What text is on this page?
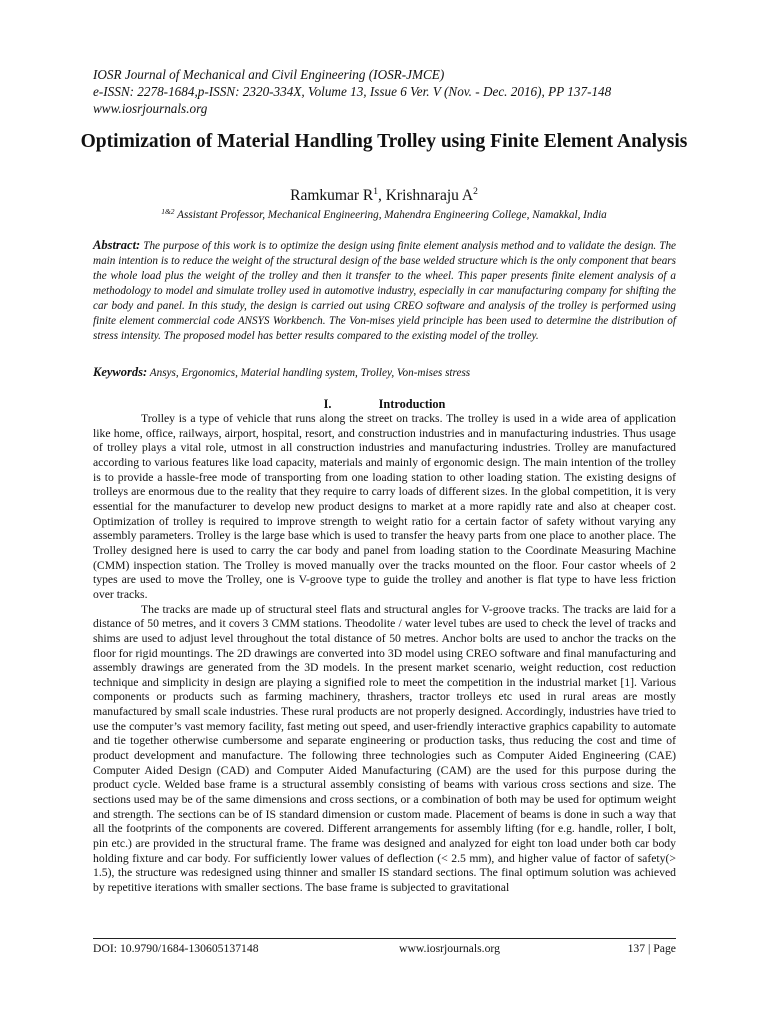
IOSR Journal of Mechanical and Civil Engineering (IOSR-JMCE)
e-ISSN: 2278-1684,p-ISSN: 2320-334X, Volume 13, Issue 6 Ver. V (Nov. - Dec. 2016), PP 137-148
www.iosrjournals.org
Optimization of Material Handling Trolley using Finite Element Analysis
Ramkumar $R^1$, Krishnaraju $A^2$
$^{1\&2}$ Assistant Professor, Mechanical Engineering, Mahendra Engineering College, Namakkal, India
Abstract: The purpose of this work is to optimize the design using finite element analysis method and to validate the design. The main intention is to reduce the weight of the structural design of the base welded structure which is the only component that bears the whole load plus the weight of the trolley and then it transfer to the wheel. This paper presents finite element analysis of a methodology to model and simulate trolley used in automotive industry, especially in car manufacturing company for shifting the car body and panel. In this study, the design is carried out using CREO software and analysis of the trolley is performed using finite element commercial code ANSYS Workbench. The Von-mises yield principle has been used to determine the distribution of stress intensity. The proposed model has better results compared to the existing model of the trolley.
Keywords: Ansys, Ergonomics, Material handling system, Trolley, Von-mises stress
I.	Introduction

Trolley is a type of vehicle that runs along the street on tracks. The trolley is used in a wide area of application like home, office, railways, airport, hospital, resort, and construction industries and in manufacturing industries. Thus usage of trolley plays a vital role, utmost in all construction industries and manufacturing industries. Trolley are manufactured according to various features like load capacity, materials and mainly of ergonomic design. The main intention of the trolley is to provide a hassle-free mode of transporting from one loading station to other loading station. The existing designs of trolleys are enormous due to the reality that they require to carry loads of different sizes. In the global competition, it is very essential for the manufacturer to develop new product designs to market at a more rapidly rate and also at cheaper cost. Optimization of trolley is required to improve strength to weight ratio for a certain factor of safety without varying any assembly parameters. Trolley is the large base which is used to transfer the heavy parts from one place to another place. The Trolley designed here is used to carry the car body and panel from loading station to the Coordinate Measuring Machine (CMM) inspection station. The Trolley is moved manually over the tracks mounted on the floor. Four castor wheels of 2 types are used to move the Trolley, one is V-groove type to guide the trolley and another is flat type to have less friction over tracks.

The tracks are made up of structural steel flats and structural angles for V-groove tracks. The tracks are laid for a distance of 50 metres, and it covers 3 CMM stations. Theodolite / water level tubes are used to check the level of tracks and shims are used to adjust level throughout the total distance of 50 metres. Anchor bolts are used to anchor the tracks on the floor for rigid mountings. The 2D drawings are converted into 3D model using CREO software and final manufacturing and assembly drawings are generated from the 3D models. In the present market scenario, weight reduction, cost reduction technique and simplicity in design are playing a signified role to meet the competition in the industrial market [1]. Various components or products such as farming machinery, thrashers, tractor trolleys etc used in rural areas are mostly manufactured by small scale industries. These rural products are not properly designed. Accordingly, industries have tried to use the computer’s vast memory facility, fast meting out speed, and user-friendly interactive graphics capability to automate and tie together otherwise cumbersome and separate engineering or production tasks, thus reducing the cost and time of product development and manufacture. The following three technologies such as Computer Aided Engineering (CAE) Computer Aided Design (CAD) and Computer Aided Manufacturing (CAM) are the used for this purpose during the product cycle. Welded base frame is a structural assembly consisting of beams with various cross sections and size. The sections used may be of the same dimensions and cross sections, or a combination of both may be used for optimum weight and strength. The sections can be of IS standard dimension or custom made. Placement of beams is done in such a way that all the footprints of the components are covered. Different arrangements for assembly lifting (for e.g. handle, roller, I bolt, pin etc.) are provided in the structural frame. The frame was designed and analyzed for eight ton load under both car body holding fixture and car body. For sufficiently lower values of deflection (< 2.5 mm), and higher value of factor of safety(> 1.5), the structure was redesigned using thinner and smaller IS standard sections. The final optimum solution was achieved by repetitive iterations with smaller sections. The base frame is subjected to gravitational

DOI: 10.9790/1684-130605137148	www.iosrjournals.org	137 | Page
